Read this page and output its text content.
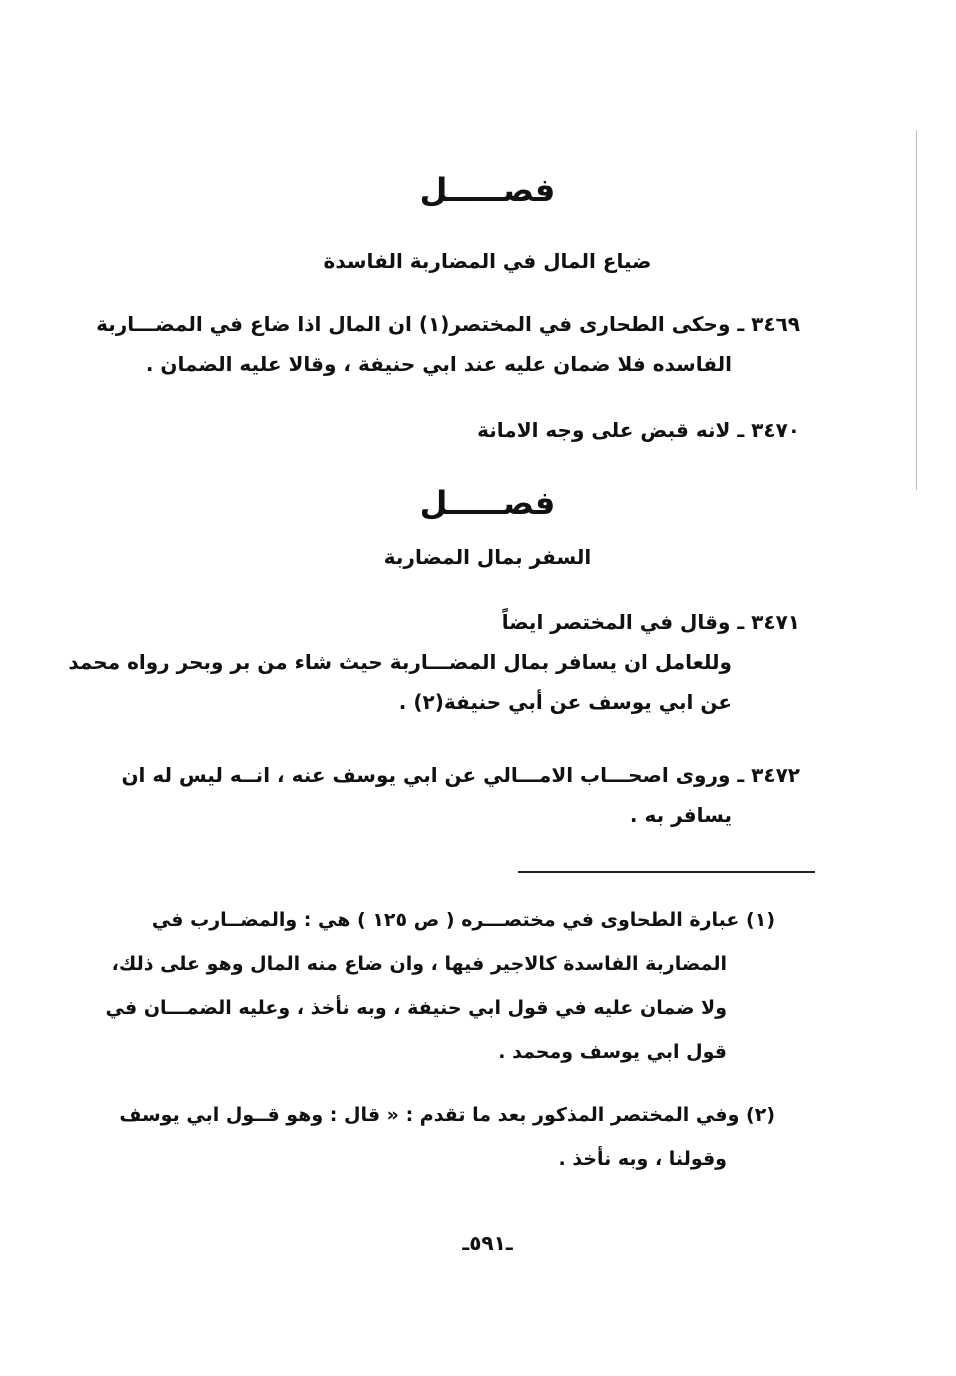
فصـــــل
ضياع المال في المضاربة الفاسدة
٣٤٦٩ ـ وحكى الطحارى في المختصر(١) ان المال اذا ضاع في المضـــاربة
الفاسده فلا ضمان عليه عند ابي حنيفة ، وقالا عليه الضمان .
٣٤٧٠ ـ لانه قبض على وجه الامانة
فصـــــل
السفر بمال المضاربة
٣٤٧١ ـ وقال في المختصر ايضاً
وللعامل ان يسافر بمال المضـــاربة حيث شاء من بر وبحر رواه محمد
عن ابي يوسف عن أبي حنيفة(٢) .
٣٤٧٢ ـ وروى اصحـــاب الامـــالي عن ابي يوسف عنه ، انــه ليس له ان
يسافر به .
(١) عبارة الطحاوى في مختصـــره ( ص ١٢٥ ) هي : والمضــارب في
المضاربة الفاسدة كالاجير فيها ، وان ضاع منه المال وهو على ذلك،
ولا ضمان عليه في قول ابي حنيفة ، وبه نأخذ ، وعليه الضمـــان في
قول ابي يوسف ومحمد .
(٢) وفي المختصر المذكور بعد ما تقدم : « قال : وهو قــول ابي يوسف
وقولنا ، وبه نأخذ .
ـ٥٩١ـ
